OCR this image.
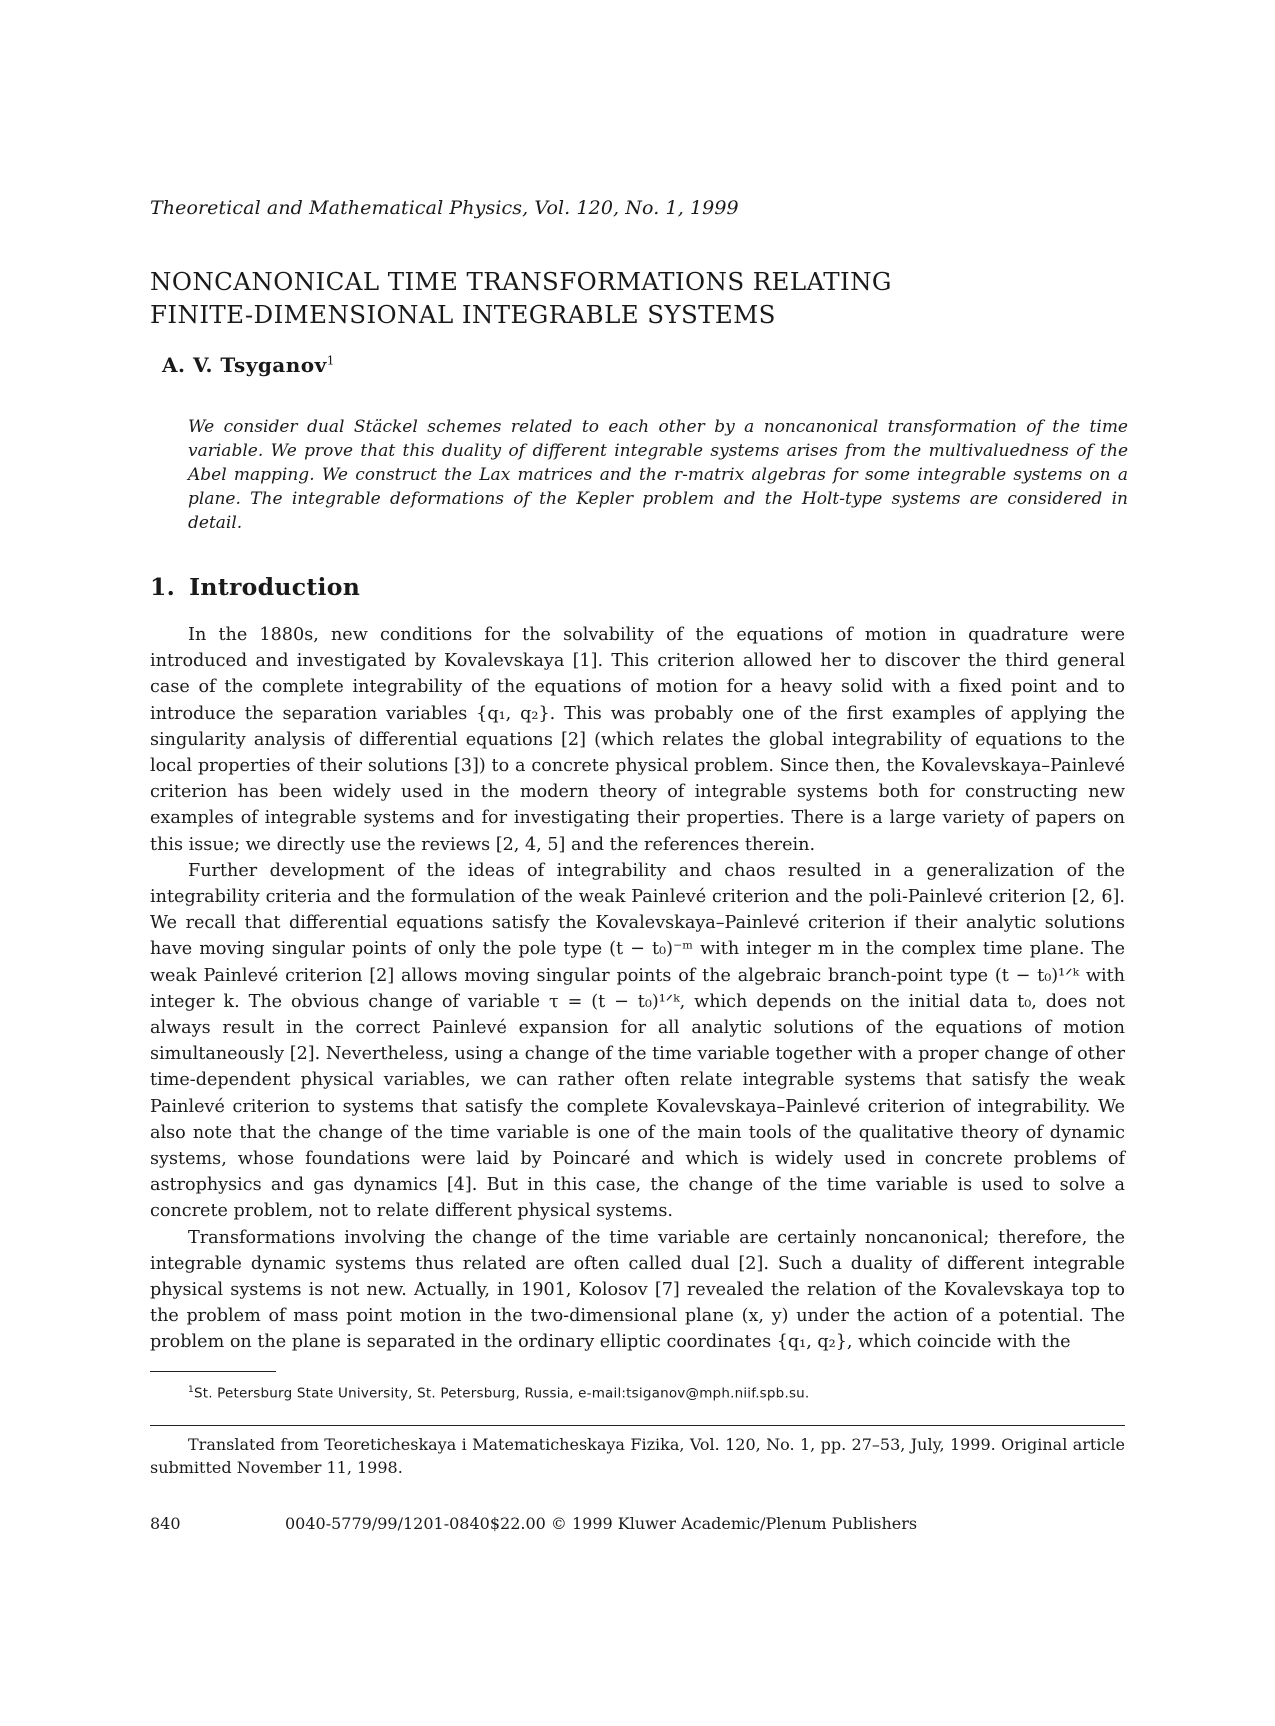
Theoretical and Mathematical Physics, Vol. 120, No. 1, 1999
NONCANONICAL TIME TRANSFORMATIONS RELATING
FINITE-DIMENSIONAL INTEGRABLE SYSTEMS
A. V. Tsyganov$^1$

We consider dual Stäckel schemes related to each other by a noncanonical transformation of the time variable. We prove that this duality of different integrable systems arises from the multivaluedness of the Abel mapping. We construct the Lax matrices and the r-matrix algebras for some integrable systems on a plane. The integrable deformations of the Kepler problem and the Holt-type systems are considered in detail.

1. Introduction

In the 1880s, new conditions for the solvability of the equations of motion in quadrature were introduced and investigated by Kovalevskaya [1]. This criterion allowed her to discover the third general case of the complete integrability of the equations of motion for a heavy solid with a fixed point and to introduce the separation variables {q₁, q₂}. This was probably one of the first examples of applying the singularity analysis of differential equations [2] (which relates the global integrability of equations to the local properties of their solutions [3]) to a concrete physical problem. Since then, the Kovalevskaya–Painlevé criterion has been widely used in the modern theory of integrable systems both for constructing new examples of integrable systems and for investigating their properties. There is a large variety of papers on this issue; we directly use the reviews [2, 4, 5] and the references therein.

Further development of the ideas of integrability and chaos resulted in a generalization of the integrability criteria and the formulation of the weak Painlevé criterion and the poli-Painlevé criterion [2, 6]. We recall that differential equations satisfy the Kovalevskaya–Painlevé criterion if their analytic solutions have moving singular points of only the pole type (t − t₀)⁻ᵐ with integer m in the complex time plane. The weak Painlevé criterion [2] allows moving singular points of the algebraic branch-point type (t − t₀)¹ᐟᵏ with integer k. The obvious change of variable τ = (t − t₀)¹ᐟᵏ, which depends on the initial data t₀, does not always result in the correct Painlevé expansion for all analytic solutions of the equations of motion simultaneously [2]. Nevertheless, using a change of the time variable together with a proper change of other time-dependent physical variables, we can rather often relate integrable systems that satisfy the weak Painlevé criterion to systems that satisfy the complete Kovalevskaya–Painlevé criterion of integrability. We also note that the change of the time variable is one of the main tools of the qualitative theory of dynamic systems, whose foundations were laid by Poincaré and which is widely used in concrete problems of astrophysics and gas dynamics [4]. But in this case, the change of the time variable is used to solve a concrete problem, not to relate different physical systems.

Transformations involving the change of the time variable are certainly noncanonical; therefore, the integrable dynamic systems thus related are often called dual [2]. Such a duality of different integrable physical systems is not new. Actually, in 1901, Kolosov [7] revealed the relation of the Kovalevskaya top to the problem of mass point motion in the two-dimensional plane (x, y) under the action of a potential. The problem on the plane is separated in the ordinary elliptic coordinates {q₁, q₂}, which coincide with the

$^1$St. Petersburg State University, St. Petersburg, Russia, e-mail:tsiganov@mph.niif.spb.su.

Translated from Teoreticheskaya i Matematicheskaya Fizika, Vol. 120, No. 1, pp. 27–53, July, 1999. Original article submitted November 11, 1998.

840	0040-5779/99/1201-0840$22.00 © 1999 Kluwer Academic/Plenum Publishers
